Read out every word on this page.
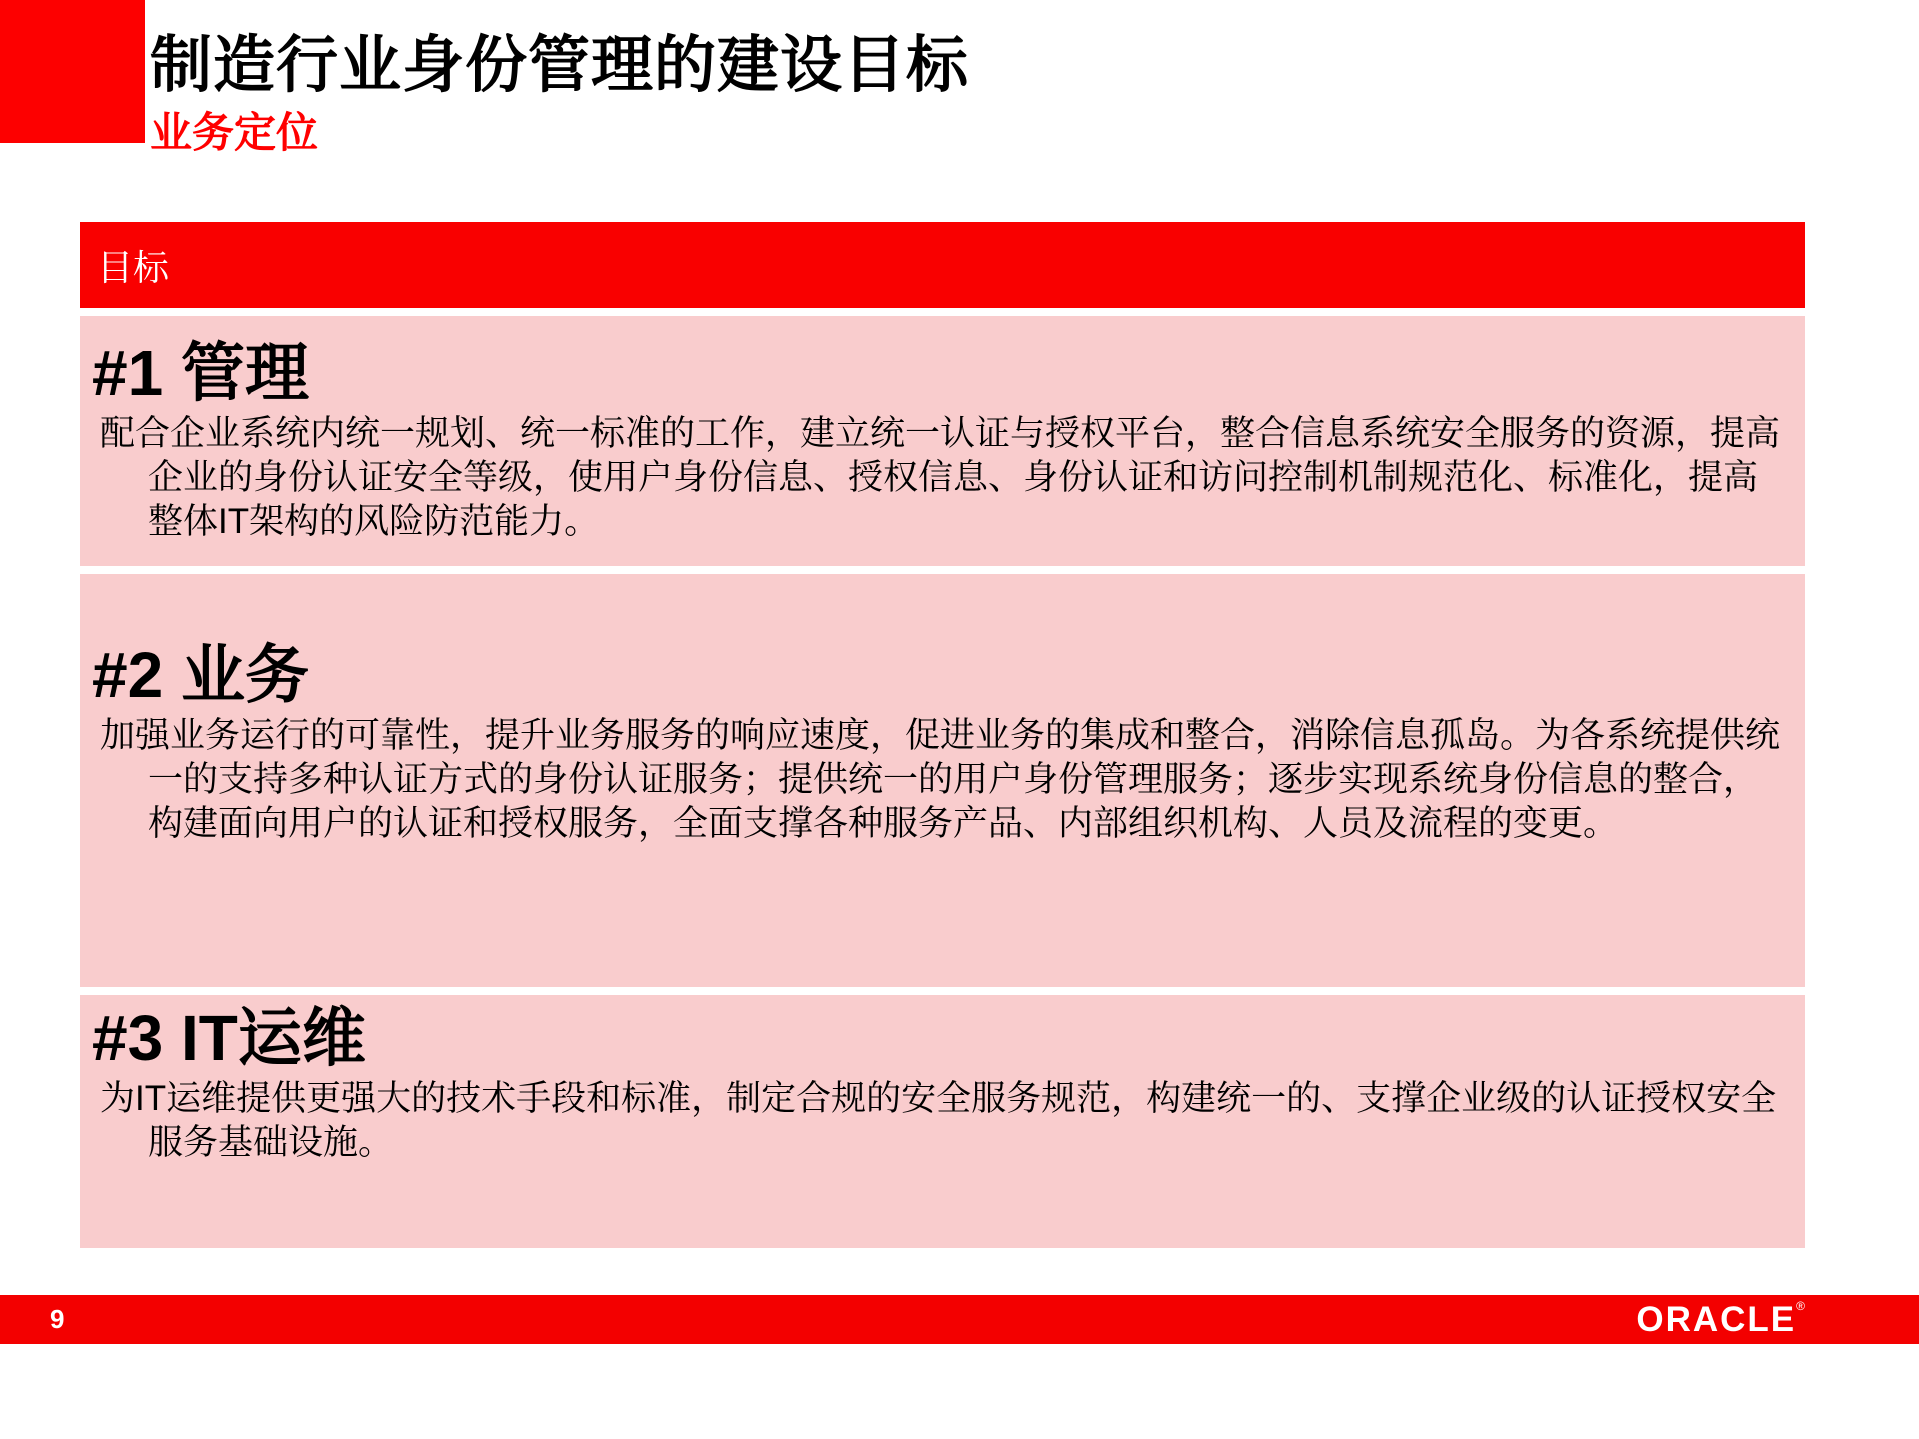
制造行业身份管理的建设目标
业务定位
目标
#1 管理
配合企业系统内统一规划、统一标准的工作，建立统一认证与授权平台，整合信息系统安全服务的资源，提高企业的身份认证安全等级，使用户身份信息、授权信息、身份认证和访问控制机制规范化、标准化，提高整体IT架构的风险防范能力。
#2 业务
加强业务运行的可靠性，提升业务服务的响应速度，促进业务的集成和整合，消除信息孤岛。为各系统提供统一的支持多种认证方式的身份认证服务；提供统一的用户身份管理服务；逐步实现系统身份信息的整合，构建面向用户的认证和授权服务，全面支撑各种服务产品、内部组织机构、人员及流程的变更。
#3 IT运维
为IT运维提供更强大的技术手段和标准，制定合规的安全服务规范，构建统一的、支撑企业级的认证授权安全服务基础设施。
9	ORACLE®
